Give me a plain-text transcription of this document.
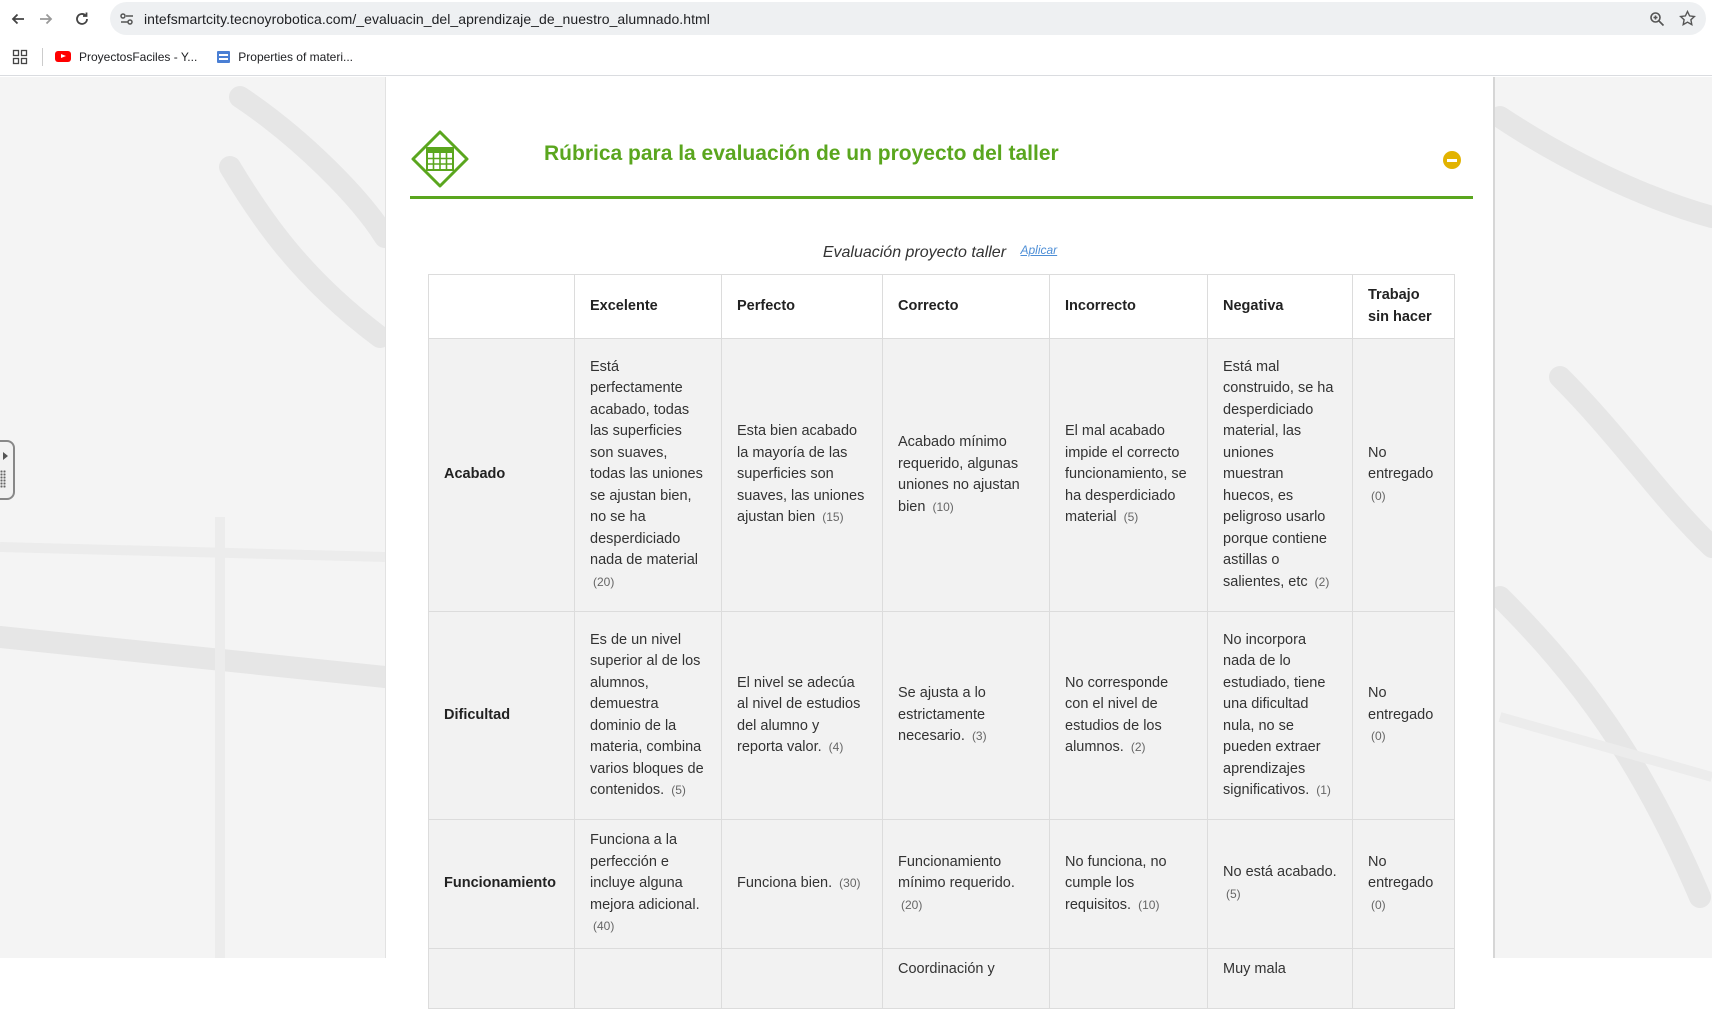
intefsmartcity.tecnoyrobotica.com/_evaluacin_del_aprendizaje_de_nuestro_alumnado.html
ProyectosFaciles - Y...	Properties of materi...
Rúbrica para la evaluación de un proyecto del taller
Evaluación proyecto taller Aplicar
	Excelente	Perfecto	Correcto	Incorrecto	Negativa	Trabajo sin hacer
Acabado	Está perfectamente acabado, todas las superficies son suaves, todas las uniones se ajustan bien, no se ha desperdiciado nada de material (20)	Esta bien acabado la mayoría de las superficies son suaves, las uniones ajustan bien (15)	Acabado mínimo requerido, algunas uniones no ajustan bien (10)	El mal acabado impide el correcto funcionamiento, se ha desperdiciado material (5)	Está mal construido, se ha desperdiciado material, las uniones muestran huecos, es peligroso usarlo porque contiene astillas o salientes, etc (2)	No entregado (0)
Dificultad	Es de un nivel superior al de los alumnos, demuestra dominio de la materia, combina varios bloques de contenidos. (5)	El nivel se adecúa al nivel de estudios del alumno y reporta valor. (4)	Se ajusta a lo estrictamente necesario. (3)	No corresponde con el nivel de estudios de los alumnos. (2)	No incorpora nada de lo estudiado, tiene una dificultad nula, no se pueden extraer aprendizajes significativos. (1)	No entregado (0)
Funcionamiento	Funciona a la perfección e incluye alguna mejora adicional. (40)	Funciona bien. (30)	Funcionamiento mínimo requerido. (20)	No funciona, no cumple los requisitos. (10)	No está acabado. (5)	No entregado (0)
			Coordinación y		Muy mala	
